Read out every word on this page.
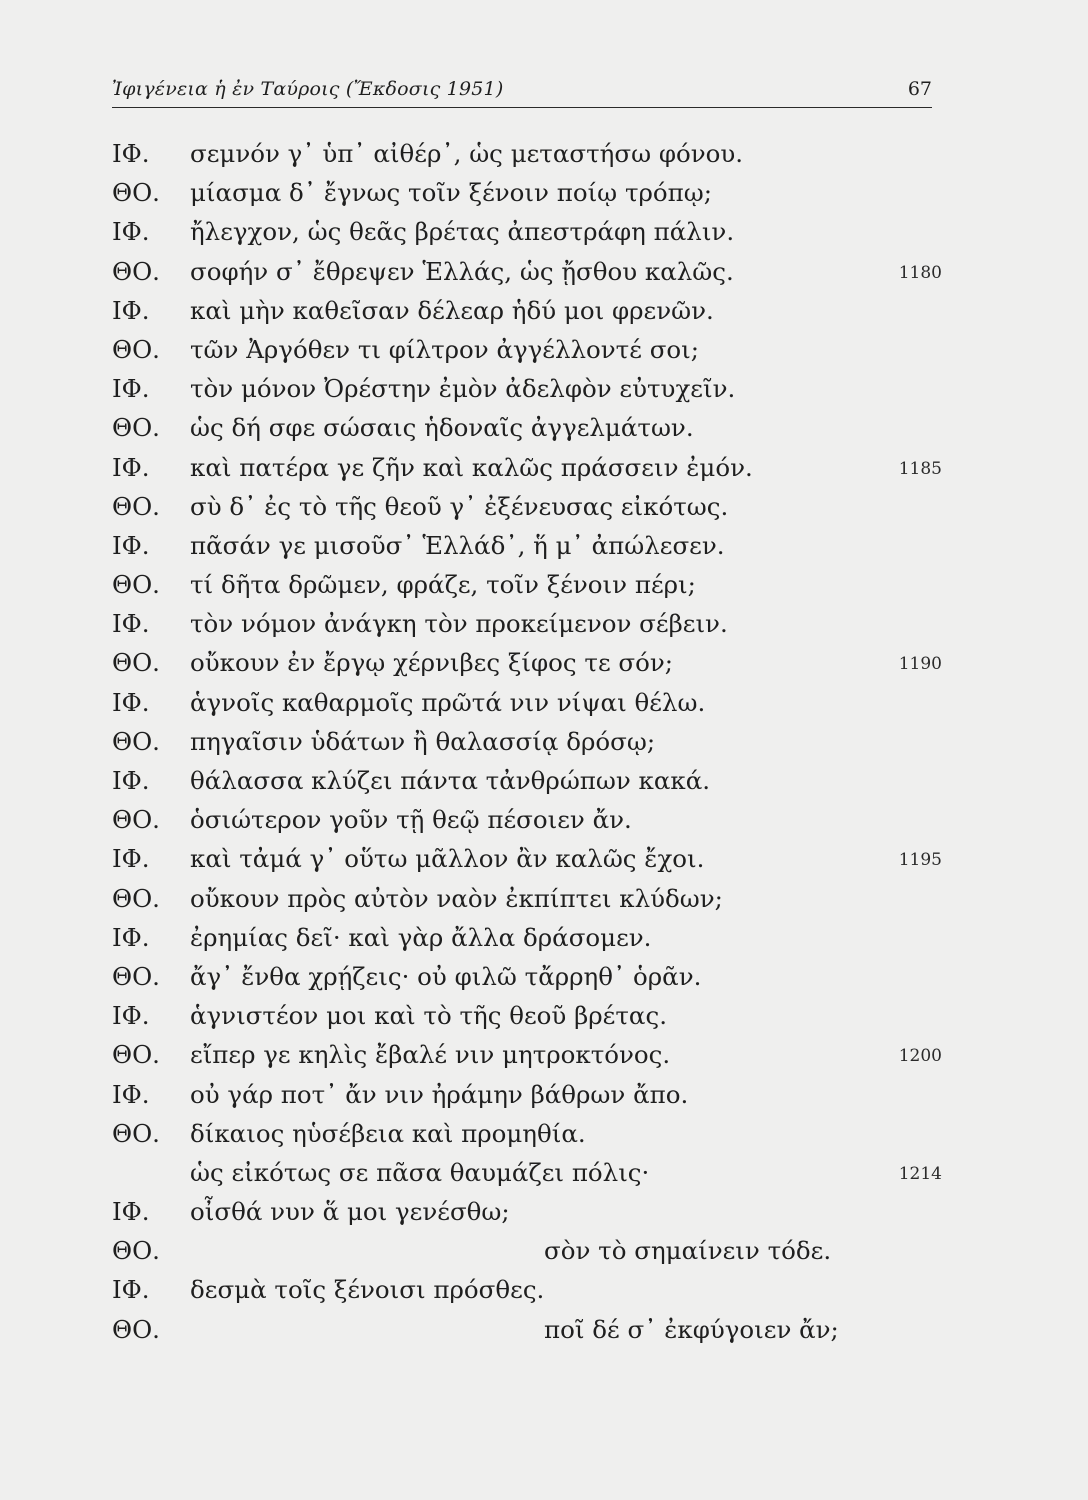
Ἰφιγένεια ἡ ἐν Ταύροις (Ἔκδοσις 1951)	67
ΙΦ.	σεμνόν γ᾽ ὑπ᾽ αἰθέρ᾽, ὡς μεταστήσω φόνου.
ΘΟ.	μίασμα δ᾽ ἔγνως τοῖν ξένοιν ποίῳ τρόπῳ;
ΙΦ.	ἤλεγχον, ὡς θεᾶς βρέτας ἀπεστράφη πάλιν.
ΘΟ.	σοφήν σ᾽ ἔθρεψεν Ἑλλάς, ὡς ᾔσθου καλῶς.	1180
ΙΦ.	καὶ μὴν καθεῖσαν δέλεαρ ἡδύ μοι φρενῶν.
ΘΟ.	τῶν Ἀργόθεν τι φίλτρον ἀγγέλλοντέ σοι;
ΙΦ.	τὸν μόνον Ὀρέστην ἐμὸν ἀδελφὸν εὐτυχεῖν.
ΘΟ.	ὡς δή σφε σώσαις ἡδοναῖς ἀγγελμάτων.
ΙΦ.	καὶ πατέρα γε ζῆν καὶ καλῶς πράσσειν ἐμόν.	1185
ΘΟ.	σὺ δ᾽ ἐς τὸ τῆς θεοῦ γ᾽ ἐξένευσας εἰκότως.
ΙΦ.	πᾶσάν γε μισοῦσ᾽ Ἑλλάδ᾽, ἥ μ᾽ ἀπώλεσεν.
ΘΟ.	τί δῆτα δρῶμεν, φράζε, τοῖν ξένοιν πέρι;
ΙΦ.	τὸν νόμον ἀνάγκη τὸν προκείμενον σέβειν.
ΘΟ.	οὔκουν ἐν ἔργῳ χέρνιβες ξίφος τε σόν;	1190
ΙΦ.	ἁγνοῖς καθαρμοῖς πρῶτά νιν νίψαι θέλω.
ΘΟ.	πηγαῖσιν ὑδάτων ἢ θαλασσίᾳ δρόσῳ;
ΙΦ.	θάλασσα κλύζει πάντα τἀνθρώπων κακά.
ΘΟ.	ὁσιώτερον γοῦν τῇ θεῷ πέσοιεν ἄν.
ΙΦ.	καὶ τἀμά γ᾽ οὕτω μᾶλλον ἂν καλῶς ἔχοι.	1195
ΘΟ.	οὔκουν πρὸς αὐτὸν ναὸν ἐκπίπτει κλύδων;
ΙΦ.	ἐρημίας δεῖ· καὶ γὰρ ἄλλα δράσομεν.
ΘΟ.	ἄγ᾽ ἔνθα χρῄζεις· οὐ φιλῶ τἄρρηθ᾽ ὁρᾶν.
ΙΦ.	ἁγνιστέον μοι καὶ τὸ τῆς θεοῦ βρέτας.
ΘΟ.	εἴπερ γε κηλὶς ἔβαλέ νιν μητροκτόνος.	1200
ΙΦ.	οὐ γάρ ποτ᾽ ἄν νιν ἠράμην βάθρων ἄπο.
ΘΟ.	δίκαιος ηὑσέβεια καὶ προμηθία.
ὡς εἰκότως σε πᾶσα θαυμάζει πόλις·	1214
ΙΦ.	οἶσθά νυν ἅ μοι γενέσθω;
ΘΟ.	σὸν τὸ σημαίνειν τόδε.
ΙΦ.	δεσμὰ τοῖς ξένοισι πρόσθες.
ΘΟ.	ποῖ δέ σ᾽ ἐκφύγοιεν ἄν;
